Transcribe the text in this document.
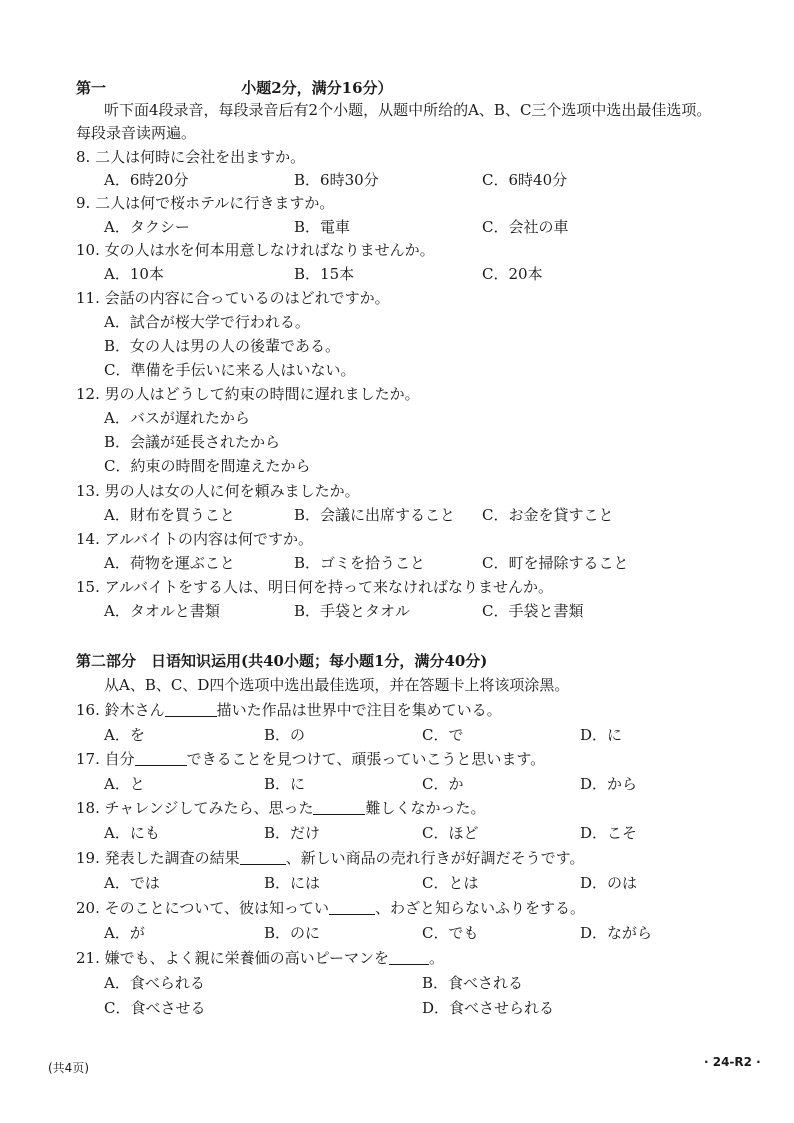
第一	小题2分，满分16分）
听下面4段录音，每段录音后有2个小题，从题中所给的A、B、C三个选项中选出最佳选项。
每段录音读两遍。
8. 二人は何時に会社を出ますか。
A．6時20分	B．6時30分	C．6時40分
9. 二人は何で桜ホテルに行きますか。
A．タクシー	B．電車	C．会社の車
10. 女の人は水を何本用意しなければなりませんか。
A．10本	B．15本	C．20本
11. 会話の内容に合っているのはどれですか。
A．試合が桜大学で行われる。
B．女の人は男の人の後輩である。
C．準備を手伝いに来る人はいない。
12. 男の人はどうして約束の時間に遅れましたか。
A．バスが遅れたから
B．会議が延長されたから
C．約束の時間を間違えたから
13. 男の人は女の人に何を頼みましたか。
A．財布を買うこと	B．会議に出席すること C．お金を貸すこと
14. アルバイトの内容は何ですか。
A．荷物を運ぶこと	B．ゴミを拾うこと	C．町を掃除すること
15. アルバイトをする人は、明日何を持って来なければなりませんか。
A．タオルと書類	B．手袋とタオル	C．手袋と書類
第二部分　日语知识运用(共40小题；每小题1分，满分40分)
从A、B、C、D四个选项中选出最佳选项，并在答题卡上将该项涂黑。
16. 鈴木さん	描いた作品は世界中で注目を集めている。
A．を	B．の	C．で	D．に
17. 自分	できることを見つけて、頑張っていこうと思います。
A．と	B．に	C．か	D．から
18. チャレンジしてみたら、思った	難しくなかった。
A．にも	B．だけ	C．ほど	D．こそ
19. 発表した調査の結果	、新しい商品の売れ行きが好調だそうです。
A．では	B．には	C．とは	D．のは
20. そのことについて、彼は知ってい	、わざと知らないふりをする。
A．が	B．のに	C．でも	D．ながら
21. 嫌でも、よく親に栄養価の高いピーマンを	。
A．食べられる	B．食べされる
C．食べさせる	D．食べさせられる
(共4页)	· 24-R2 ·
